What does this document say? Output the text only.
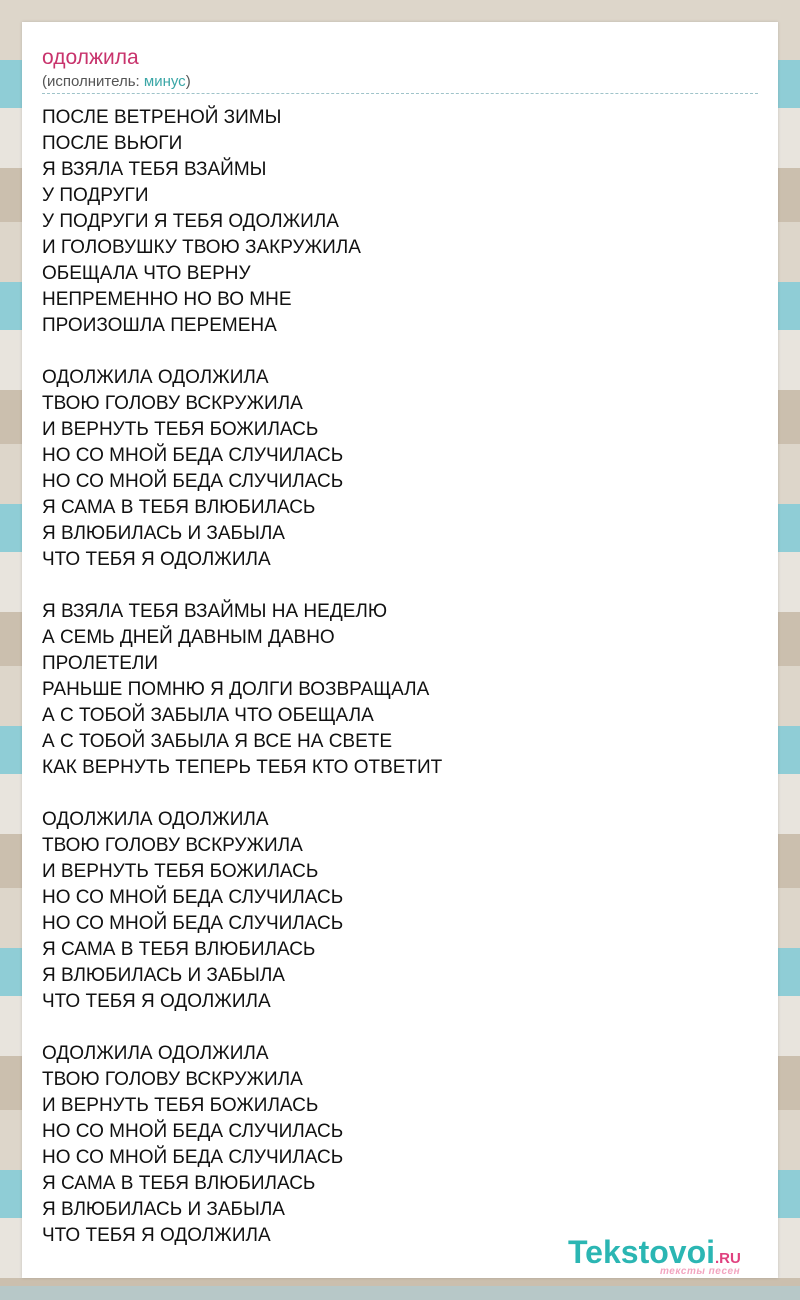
одолжила
(исполнитель: минус)
ПОСЛЕ ВЕТРЕНОЙ ЗИМЫ
ПОСЛЕ ВЬЮГИ
Я ВЗЯЛА ТЕБЯ ВЗАЙМЫ
У ПОДРУГИ
У ПОДРУГИ Я ТЕБЯ ОДОЛЖИЛА
И ГОЛОВУШКУ ТВОЮ ЗАКРУЖИЛА
ОБЕЩАЛА ЧТО ВЕРНУ
НЕПРЕМЕННО НО ВО МНЕ
ПРОИЗОШЛА ПЕРЕМЕНА
ОДОЛЖИЛА ОДОЛЖИЛА
ТВОЮ ГОЛОВУ ВСКРУЖИЛА
И ВЕРНУТЬ ТЕБЯ БОЖИЛАСЬ
НО СО МНОЙ БЕДА СЛУЧИЛАСЬ
НО СО МНОЙ БЕДА СЛУЧИЛАСЬ
Я САМА В ТЕБЯ ВЛЮБИЛАСЬ
Я ВЛЮБИЛАСЬ И ЗАБЫЛА
ЧТО ТЕБЯ Я ОДОЛЖИЛА
Я ВЗЯЛА ТЕБЯ ВЗАЙМЫ НА НЕДЕЛЮ
А СЕМЬ ДНЕЙ ДАВНЫМ ДАВНО
ПРОЛЕТЕЛИ
РАНЬШЕ ПОМНЮ Я ДОЛГИ ВОЗВРАЩАЛА
А С ТОБОЙ ЗАБЫЛА ЧТО ОБЕЩАЛА
А С ТОБОЙ ЗАБЫЛА Я ВСЕ НА СВЕТЕ
КАК ВЕРНУТЬ ТЕПЕРЬ ТЕБЯ КТО ОТВЕТИТ
ОДОЛЖИЛА ОДОЛЖИЛА
ТВОЮ ГОЛОВУ ВСКРУЖИЛА
И ВЕРНУТЬ ТЕБЯ БОЖИЛАСЬ
НО СО МНОЙ БЕДА СЛУЧИЛАСЬ
НО СО МНОЙ БЕДА СЛУЧИЛАСЬ
Я САМА В ТЕБЯ ВЛЮБИЛАСЬ
Я ВЛЮБИЛАСЬ И ЗАБЫЛА
ЧТО ТЕБЯ Я ОДОЛЖИЛА
ОДОЛЖИЛА ОДОЛЖИЛА
ТВОЮ ГОЛОВУ ВСКРУЖИЛА
И ВЕРНУТЬ ТЕБЯ БОЖИЛАСЬ
НО СО МНОЙ БЕДА СЛУЧИЛАСЬ
НО СО МНОЙ БЕДА СЛУЧИЛАСЬ
Я САМА В ТЕБЯ ВЛЮБИЛАСЬ
Я ВЛЮБИЛАСЬ И ЗАБЫЛА
ЧТО ТЕБЯ Я ОДОЛЖИЛА	Tekstovoi.RU
тексты песен
